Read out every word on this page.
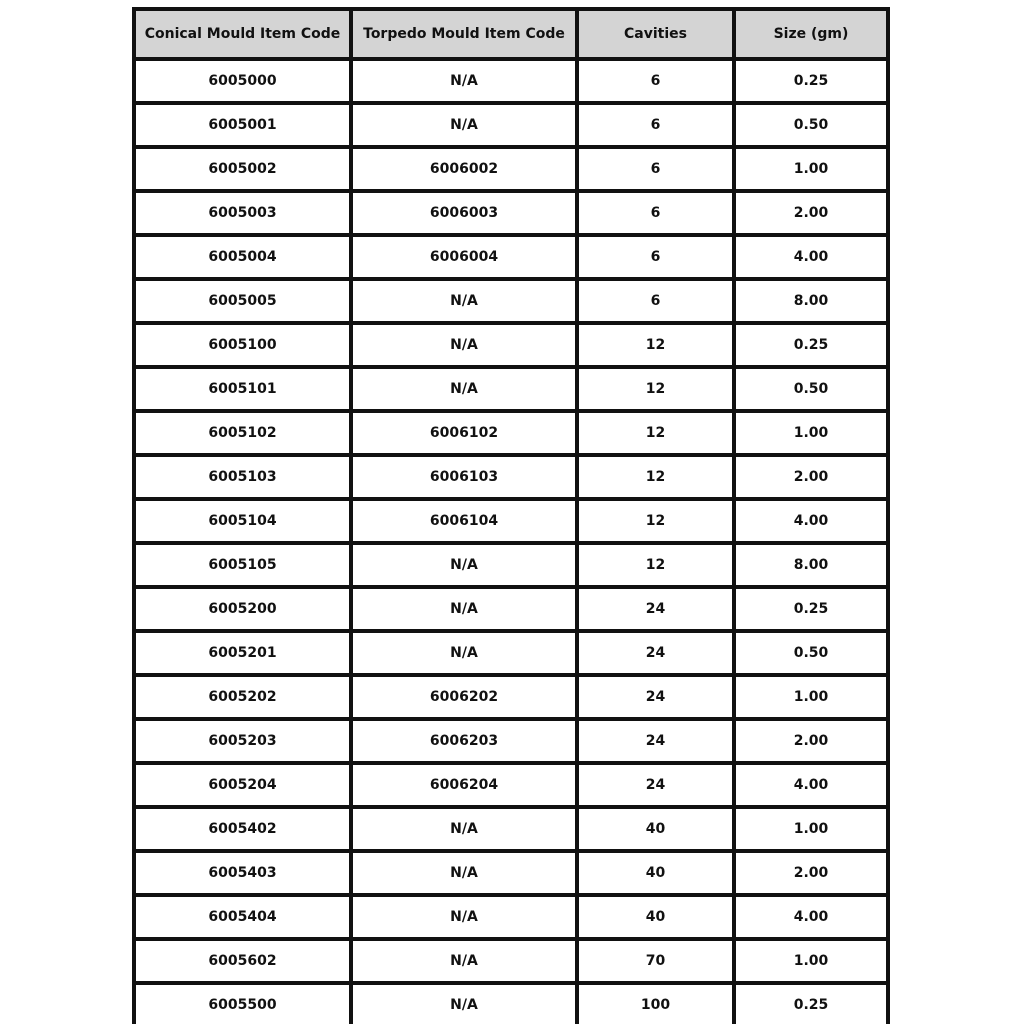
Conical Mould Item Code	Torpedo Mould Item Code	Cavities	Size (gm)
6005000	N/A	6	0.25
6005001	N/A	6	0.50
6005002	6006002	6	1.00
6005003	6006003	6	2.00
6005004	6006004	6	4.00
6005005	N/A	6	8.00
6005100	N/A	12	0.25
6005101	N/A	12	0.50
6005102	6006102	12	1.00
6005103	6006103	12	2.00
6005104	6006104	12	4.00
6005105	N/A	12	8.00
6005200	N/A	24	0.25
6005201	N/A	24	0.50
6005202	6006202	24	1.00
6005203	6006203	24	2.00
6005204	6006204	24	4.00
6005402	N/A	40	1.00
6005403	N/A	40	2.00
6005404	N/A	40	4.00
6005602	N/A	70	1.00
6005500	N/A	100	0.25
